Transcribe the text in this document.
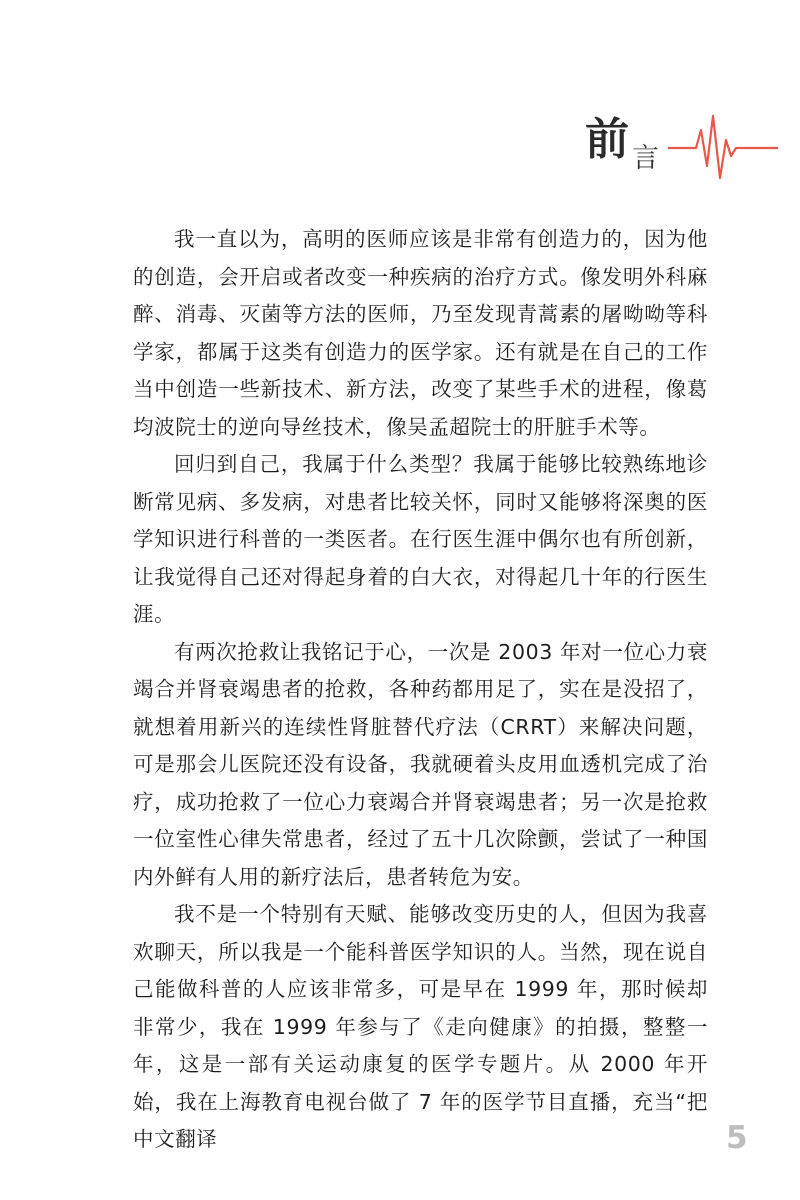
前 言

我一直以为，高明的医师应该是非常有创造力的，因为他的创造，会开启或者改变一种疾病的治疗方式。像发明外科麻醉、消毒、灭菌等方法的医师，乃至发现青蒿素的屠呦呦等科学家，都属于这类有创造力的医学家。还有就是在自己的工作当中创造一些新技术、新方法，改变了某些手术的进程，像葛均波院士的逆向导丝技术，像吴孟超院士的肝脏手术等。

回归到自己，我属于什么类型？我属于能够比较熟练地诊断常见病、多发病，对患者比较关怀，同时又能够将深奥的医学知识进行科普的一类医者。在行医生涯中偶尔也有所创新，让我觉得自己还对得起身着的白大衣，对得起几十年的行医生涯。

有两次抢救让我铭记于心，一次是 2003 年对一位心力衰竭合并肾衰竭患者的抢救，各种药都用足了，实在是没招了，就想着用新兴的连续性肾脏替代疗法（CRRT）来解决问题，可是那会儿医院还没有设备，我就硬着头皮用血透机完成了治疗，成功抢救了一位心力衰竭合并肾衰竭患者；另一次是抢救一位室性心律失常患者，经过了五十几次除颤，尝试了一种国内外鲜有人用的新疗法后，患者转危为安。

我不是一个特别有天赋、能够改变历史的人，但因为我喜欢聊天，所以我是一个能科普医学知识的人。当然，现在说自己能做科普的人应该非常多，可是早在 1999 年，那时候却非常少，我在 1999 年参与了《走向健康》的拍摄，整整一年，这是一部有关运动康复的医学专题片。从 2000 年开始，我在上海教育电视台做了 7 年的医学节目直播，充当“把中文翻译	5
